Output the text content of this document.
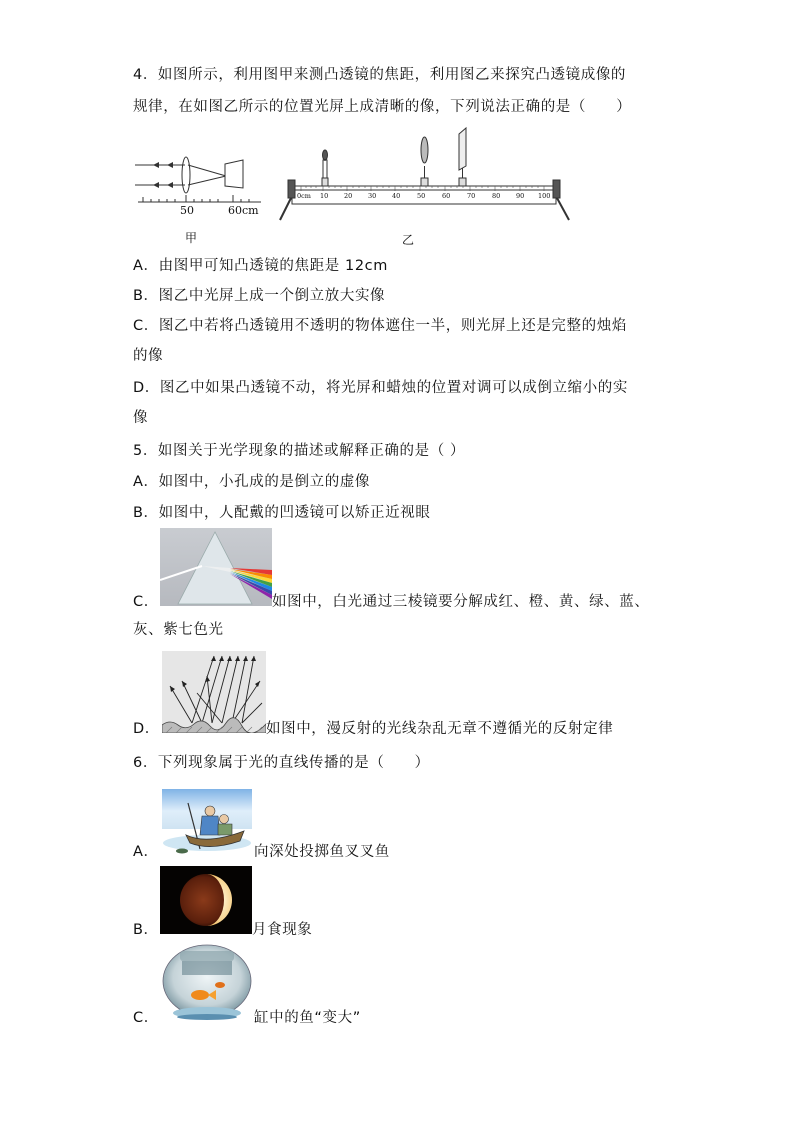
4．如图所示，利用图甲来测凸透镜的焦距，利用图乙来探究凸透镜成像的
规律，在如图乙所示的位置光屏上成清晰的像，下列说法正确的是（　　）
50	60cm
甲
0cm 10 20 30 40	50	60	70	80 90 100
乙
A．由图甲可知凸透镜的焦距是 12cm
B．图乙中光屏上成一个倒立放大实像
C．图乙中若将凸透镜用不透明的物体遮住一半，则光屏上还是完整的烛焰
的像
D．图乙中如果凸透镜不动，将光屏和蜡烛的位置对调可以成倒立缩小的实
像
5．如图关于光学现象的描述或解释正确的是（ ）
A．如图中，小孔成的是倒立的虚像
B．如图中，人配戴的凹透镜可以矫正近视眼
C．	如图中，白光通过三棱镜要分解成红、橙、黄、绿、蓝、
灰、紫七色光
D．	如图中，漫反射的光线杂乱无章不遵循光的反射定律
6．下列现象属于光的直线传播的是（　　）
A．	向深处投掷鱼叉叉鱼
B．	月食现象
C．	缸中的鱼“变大”
